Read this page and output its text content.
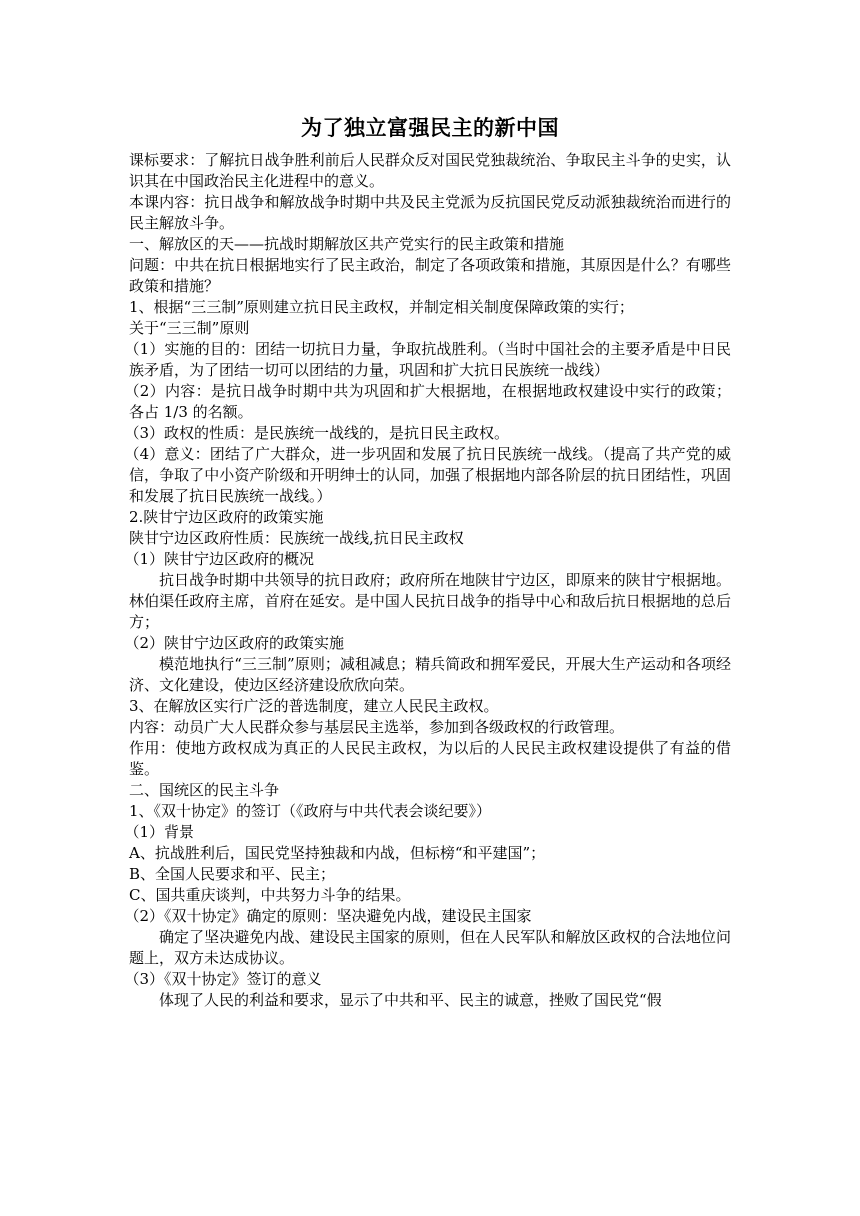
为了独立富强民主的新中国

课标要求：了解抗日战争胜利前后人民群众反对国民党独裁统治、争取民主斗争的史实，认识其在中国政治民主化进程中的意义。

本课内容：抗日战争和解放战争时期中共及民主党派为反抗国民党反动派独裁统治而进行的民主解放斗争。

一、解放区的天——抗战时期解放区共产党实行的民主政策和措施

问题：中共在抗日根据地实行了民主政治，制定了各项政策和措施，其原因是什么？有哪些政策和措施？

1、根据“三三制”原则建立抗日民主政权，并制定相关制度保障政策的实行；

关于“三三制”原则

（1）实施的目的：团结一切抗日力量，争取抗战胜利。（当时中国社会的主要矛盾是中日民族矛盾，为了团结一切可以团结的力量，巩固和扩大抗日民族统一战线）

（2）内容：是抗日战争时期中共为巩固和扩大根据地，在根据地政权建设中实行的政策；各占 1/3 的名额。

（3）政权的性质：是民族统一战线的，是抗日民主政权。

（4）意义：团结了广大群众，进一步巩固和发展了抗日民族统一战线。（提高了共产党的威信，争取了中小资产阶级和开明绅士的认同，加强了根据地内部各阶层的抗日团结性，巩固和发展了抗日民族统一战线。）

2.陕甘宁边区政府的政策实施

陕甘宁边区政府性质：民族统一战线,抗日民主政权

（1）陕甘宁边区政府的概况

抗日战争时期中共领导的抗日政府；政府所在地陕甘宁边区，即原来的陕甘宁根据地。林伯渠任政府主席，首府在延安。是中国人民抗日战争的指导中心和敌后抗日根据地的总后方；

（2）陕甘宁边区政府的政策实施

模范地执行“三三制”原则；减租减息；精兵简政和拥军爱民，开展大生产运动和各项经济、文化建设，使边区经济建设欣欣向荣。

3、在解放区实行广泛的普选制度，建立人民民主政权。

内容：动员广大人民群众参与基层民主选举，参加到各级政权的行政管理。

作用：使地方政权成为真正的人民民主政权，为以后的人民民主政权建设提供了有益的借鉴。

二、国统区的民主斗争

1、《双十协定》的签订（《政府与中共代表会谈纪要》）

（1）背景

A、抗战胜利后，国民党坚持独裁和内战，但标榜“和平建国”；

B、全国人民要求和平、民主；

C、国共重庆谈判，中共努力斗争的结果。

（2）《双十协定》确定的原则：坚决避免内战，建设民主国家

确定了坚决避免内战、建设民主国家的原则，但在人民军队和解放区政权的合法地位问题上，双方未达成协议。

（3）《双十协定》签订的意义

体现了人民的利益和要求，显示了中共和平、民主的诚意，挫败了国民党“假
